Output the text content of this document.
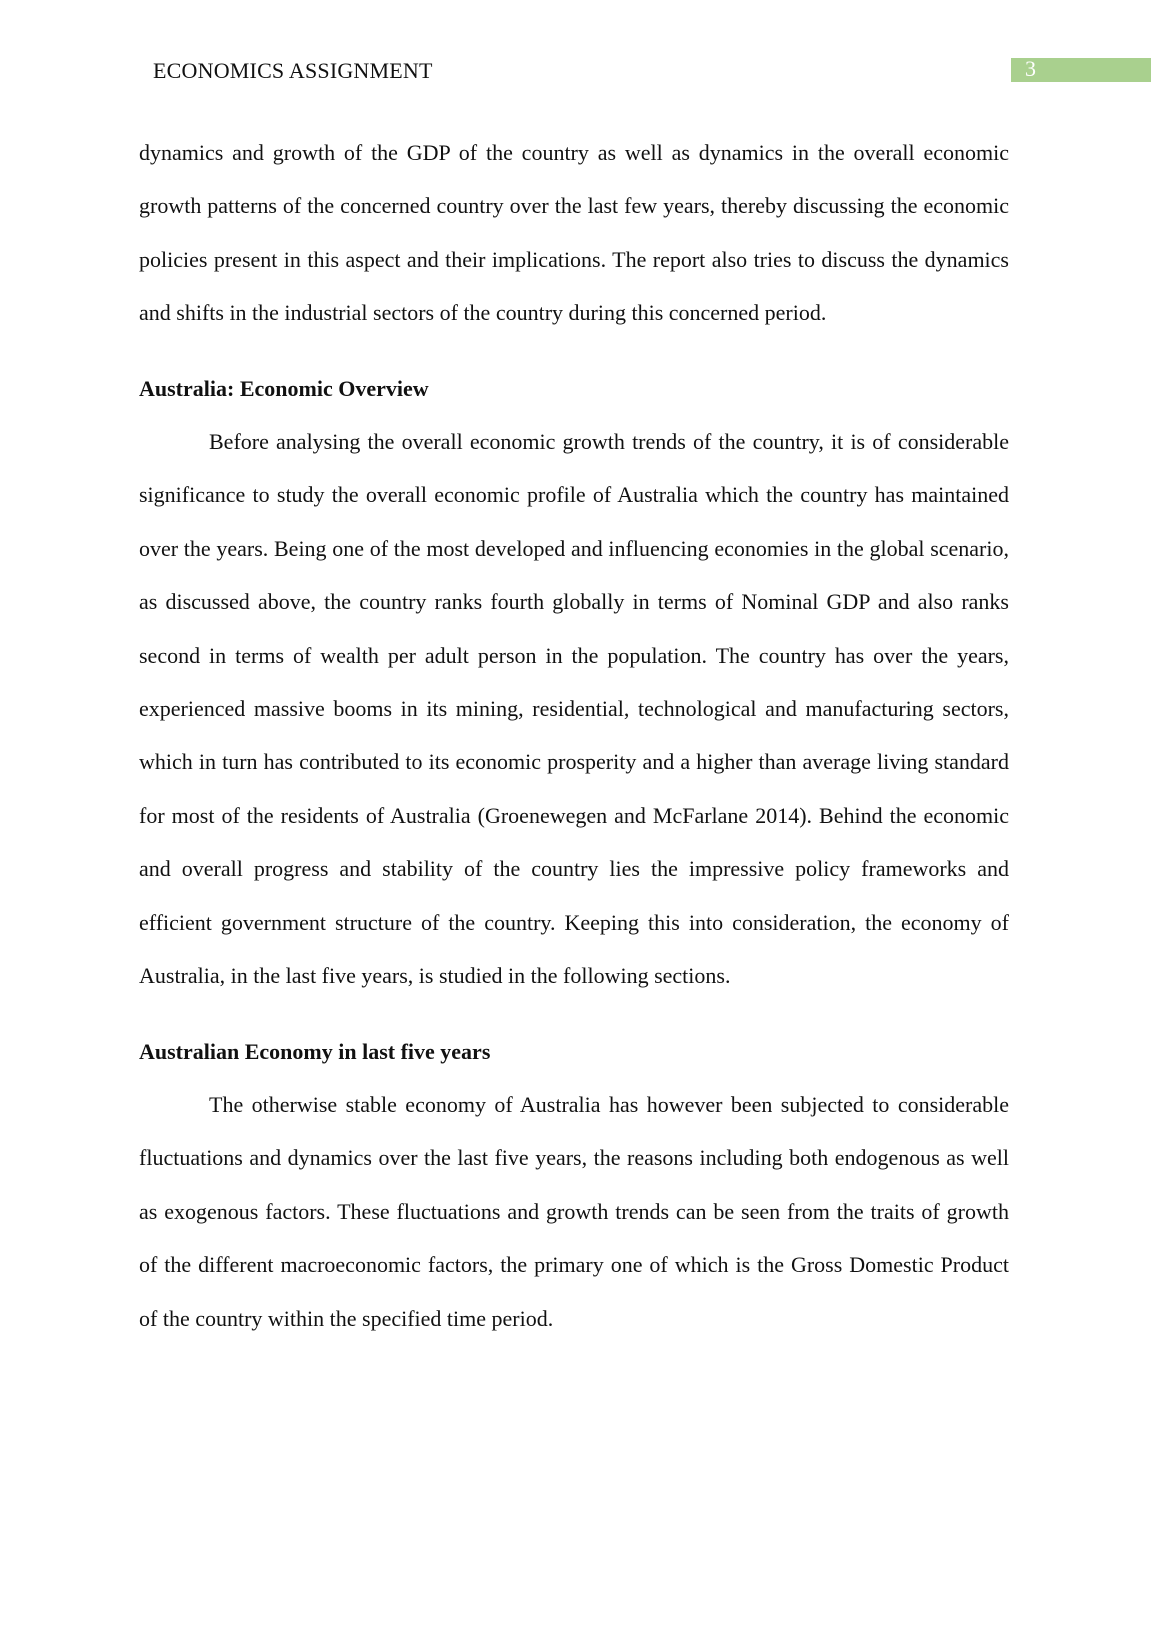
ECONOMICS ASSIGNMENT	3

dynamics and growth of the GDP of the country as well as dynamics in the overall economic growth patterns of the concerned country over the last few years, thereby discussing the economic policies present in this aspect and their implications. The report also tries to discuss the dynamics and shifts in the industrial sectors of the country during this concerned period.

Australia: Economic Overview

Before analysing the overall economic growth trends of the country, it is of considerable significance to study the overall economic profile of Australia which the country has maintained over the years. Being one of the most developed and influencing economies in the global scenario, as discussed above, the country ranks fourth globally in terms of Nominal GDP and also ranks second in terms of wealth per adult person in the population. The country has over the years, experienced massive booms in its mining, residential, technological and manufacturing sectors, which in turn has contributed to its economic prosperity and a higher than average living standard for most of the residents of Australia (Groenewegen and McFarlane 2014). Behind the economic and overall progress and stability of the country lies the impressive policy frameworks and efficient government structure of the country. Keeping this into consideration, the economy of Australia, in the last five years, is studied in the following sections.

Australian Economy in last five years

The otherwise stable economy of Australia has however been subjected to considerable fluctuations and dynamics over the last five years, the reasons including both endogenous as well as exogenous factors. These fluctuations and growth trends can be seen from the traits of growth of the different macroeconomic factors, the primary one of which is the Gross Domestic Product of the country within the specified time period.
